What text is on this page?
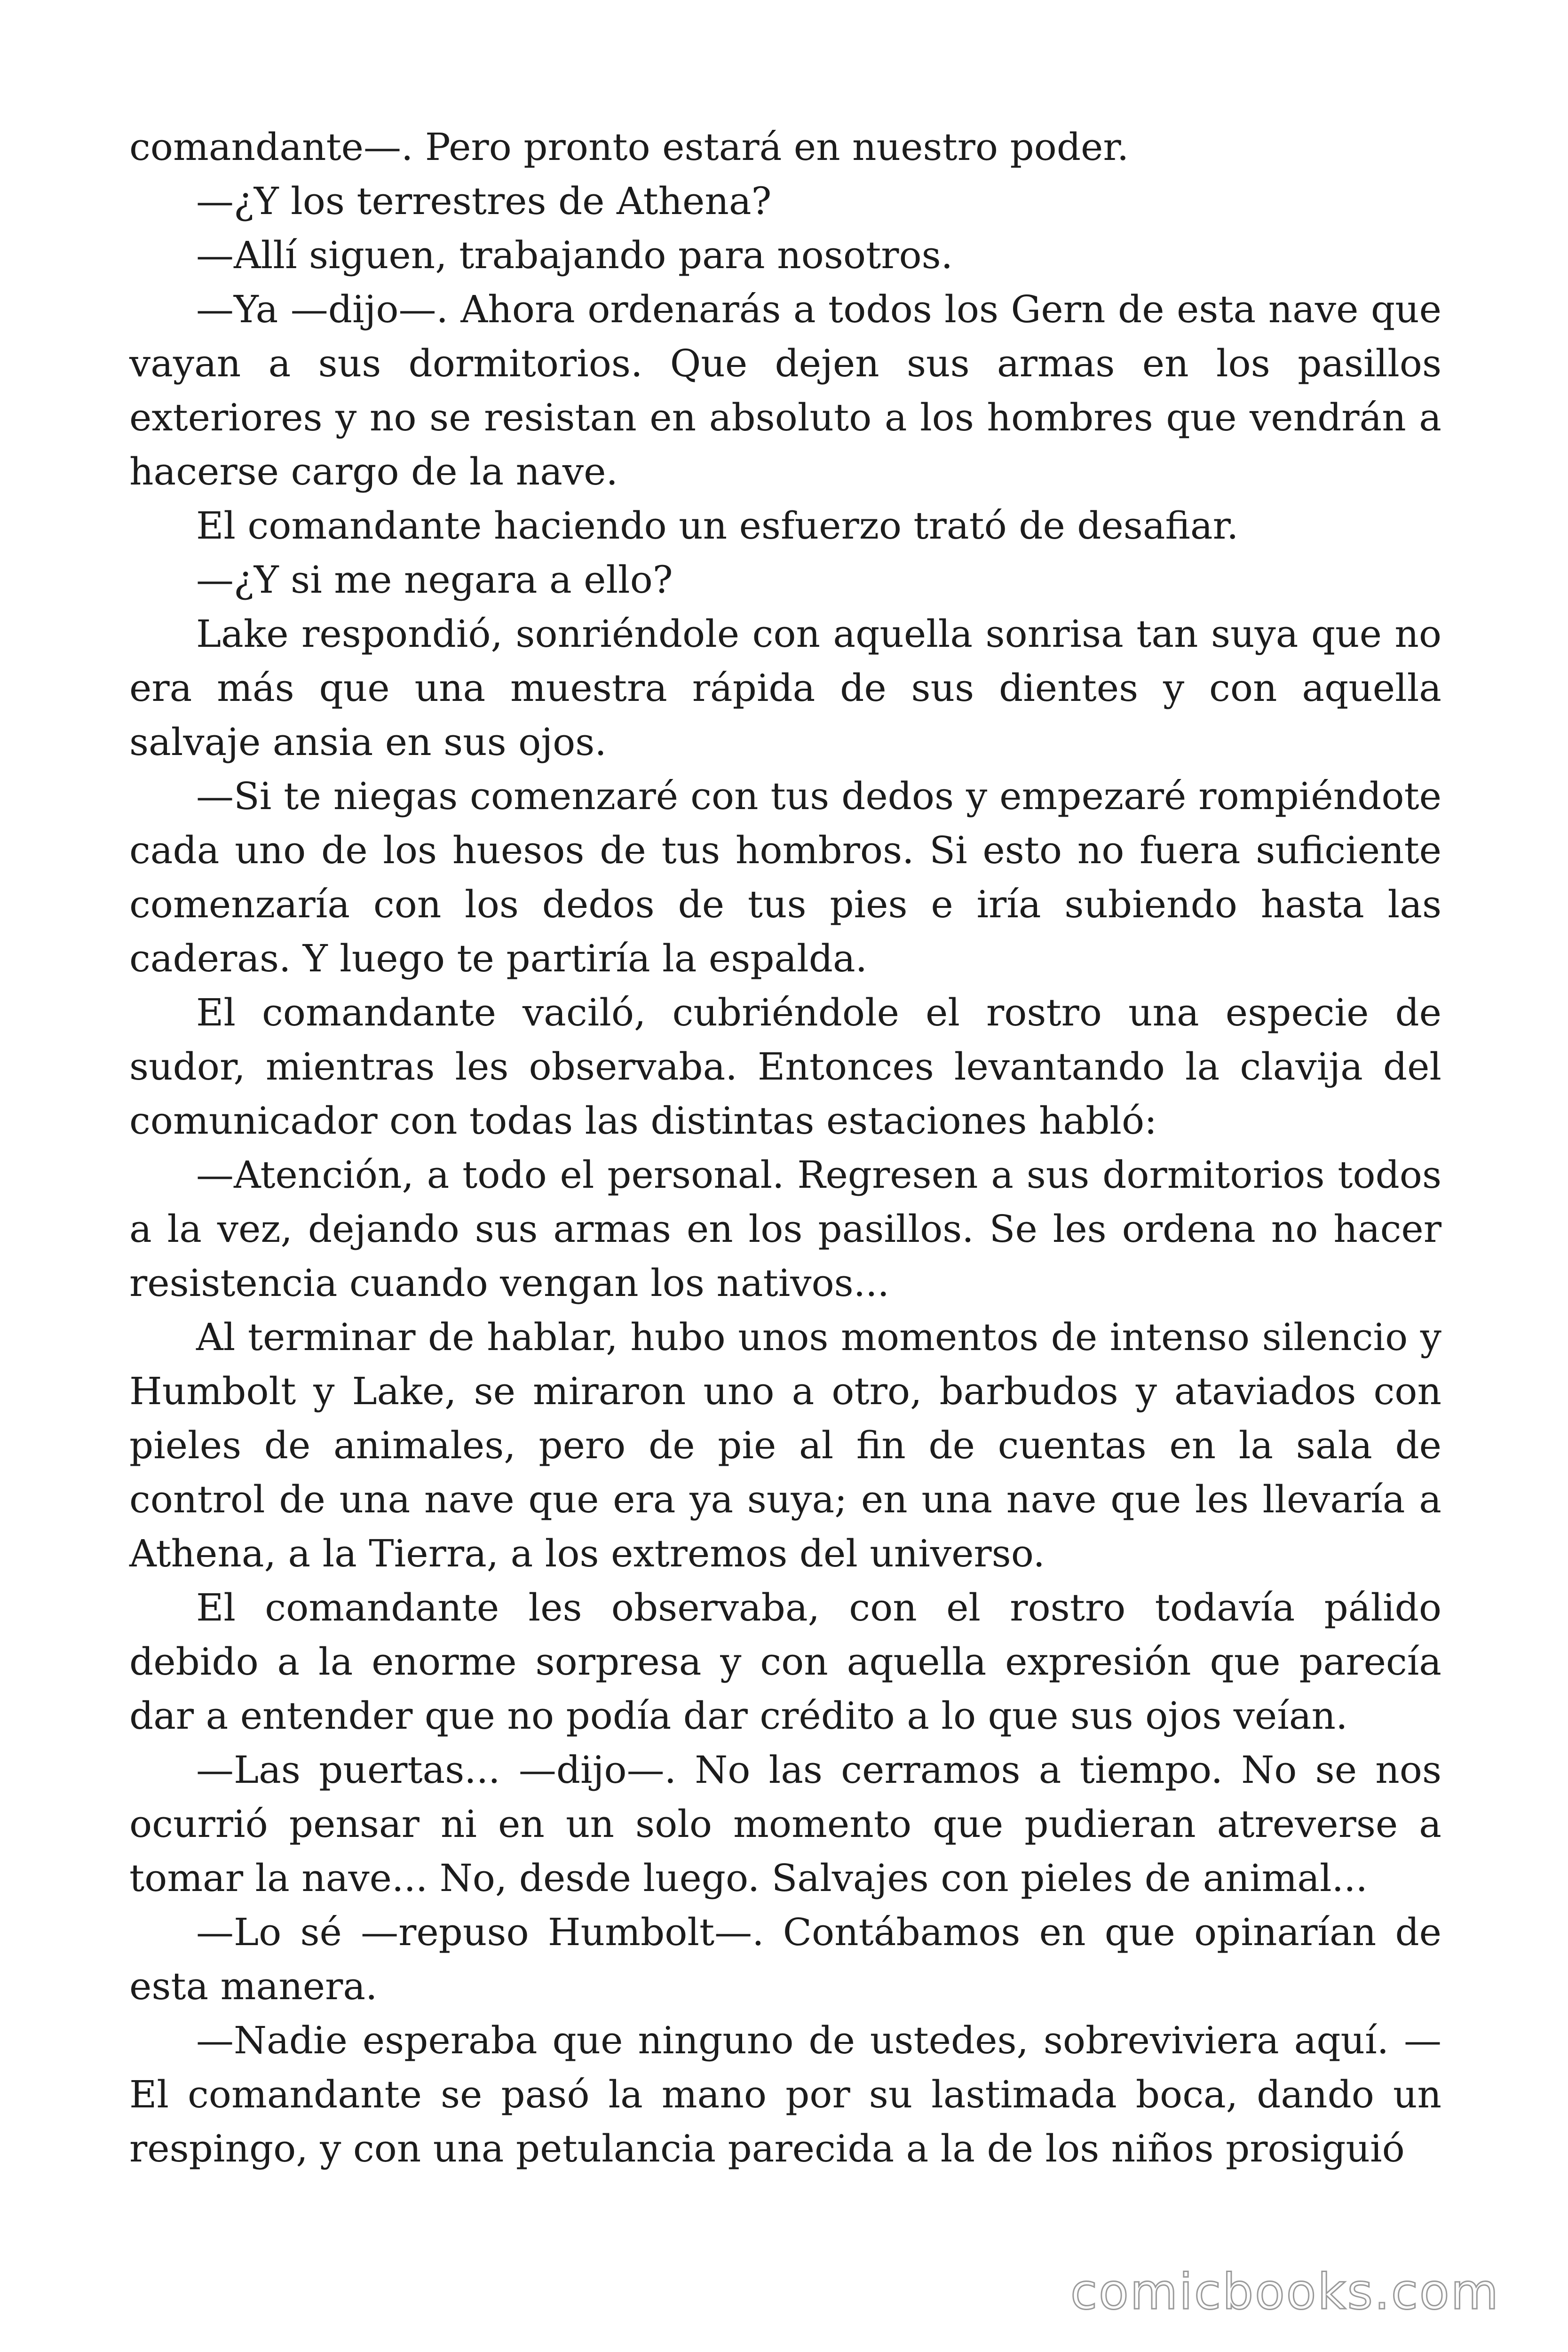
comandante—. Pero pronto estará en nuestro poder.

—¿Y los terrestres de Athena?

—Allí siguen, trabajando para nosotros.

—Ya —dijo—. Ahora ordenarás a todos los Gern de esta nave que vayan a sus dormitorios. Que dejen sus armas en los pasillos exteriores y no se resistan en absoluto a los hombres que vendrán a hacerse cargo de la nave.

El comandante haciendo un esfuerzo trató de desafiar.

—¿Y si me negara a ello?

Lake respondió, sonriéndole con aquella sonrisa tan suya que no era más que una muestra rápida de sus dientes y con aquella salvaje ansia en sus ojos.

—Si te niegas comenzaré con tus dedos y empezaré rompiéndote cada uno de los huesos de tus hombros. Si esto no fuera suficiente comenzaría con los dedos de tus pies e iría subiendo hasta las caderas. Y luego te partiría la espalda.

El comandante vaciló, cubriéndole el rostro una especie de sudor, mientras les observaba. Entonces levantando la clavija del comunicador con todas las distintas estaciones habló:

—Atención, a todo el personal. Regresen a sus dormitorios todos a la vez, dejando sus armas en los pasillos. Se les ordena no hacer resistencia cuando vengan los nativos...

Al terminar de hablar, hubo unos momentos de intenso silencio y Humbolt y Lake, se miraron uno a otro, barbudos y ataviados con pieles de animales, pero de pie al fin de cuentas en la sala de control de una nave que era ya suya; en una nave que les llevaría a Athena, a la Tierra, a los extremos del universo.

El comandante les observaba, con el rostro todavía pálido debido a la enorme sorpresa y con aquella expresión que parecía dar a entender que no podía dar crédito a lo que sus ojos veían.

—Las puertas... —dijo—. No las cerramos a tiempo. No se nos ocurrió pensar ni en un solo momento que pudieran atreverse a tomar la nave... No, desde luego. Salvajes con pieles de animal...

—Lo sé —repuso Humbolt—. Contábamos en que opinarían de esta manera.

—Nadie esperaba que ninguno de ustedes, sobreviviera aquí. —El comandante se pasó la mano por su lastimada boca, dando un respingo, y con una petulancia parecida a la de los niños prosiguió

comicbooks.com
